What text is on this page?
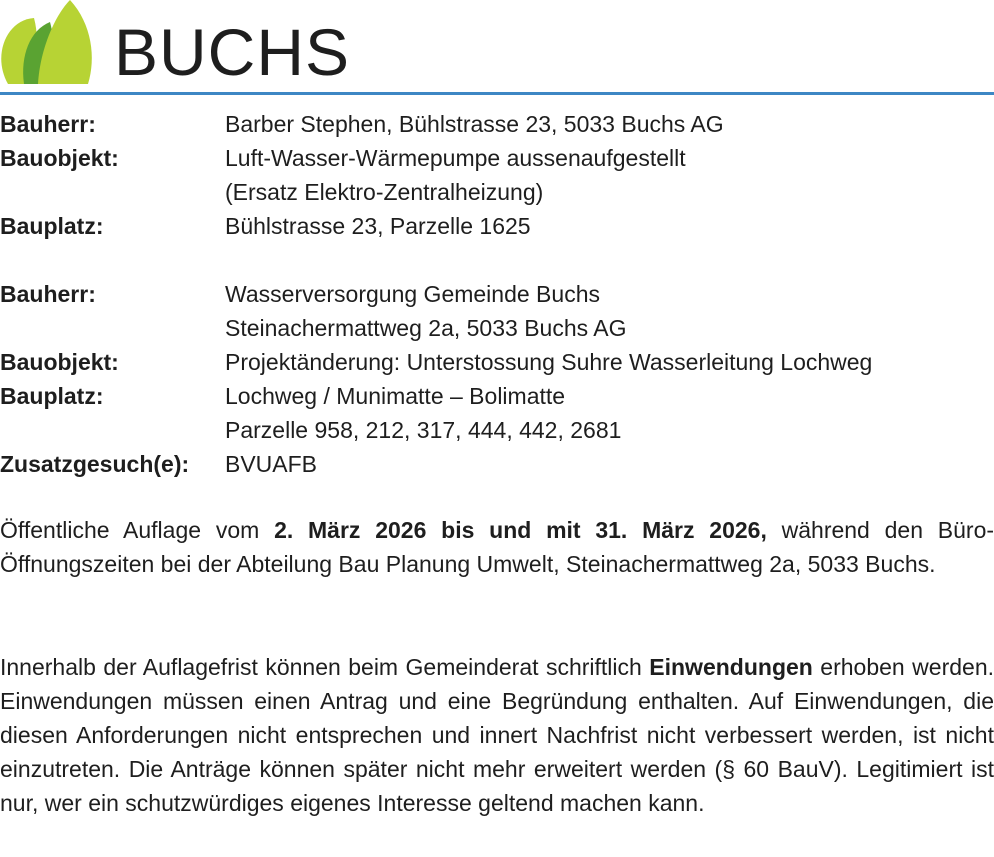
BUCHS
Bauherr:	Barber Stephen, Bühlstrasse 23, 5033 Buchs AG
Bauobjekt:	Luft-Wasser-Wärmepumpe aussenaufgestellt
(Ersatz Elektro-Zentralheizung)
Bauplatz:	Bühlstrasse 23, Parzelle 1625
Bauherr:	Wasserversorgung Gemeinde Buchs
Steinachermattweg 2a, 5033 Buchs AG
Bauobjekt:	Projektänderung: Unterstossung Suhre Wasserleitung Lochweg
Bauplatz:	Lochweg / Munimatte – Bolimatte
Parzelle 958, 212, 317, 444, 442, 2681
Zusatzgesuch(e):	BVUAFB

Öffentliche Auflage vom 2. März 2026 bis und mit 31. März 2026, während den Büro-Öffnungszeiten bei der Abteilung Bau Planung Umwelt, Steinachermattweg 2a, 5033 Buchs.

Innerhalb der Auflagefrist können beim Gemeinderat schriftlich Einwendungen erhoben werden. Einwendungen müssen einen Antrag und eine Begründung enthalten. Auf Einwendungen, die diesen Anforderungen nicht entsprechen und innert Nachfrist nicht verbessert werden, ist nicht einzutreten. Die Anträge können später nicht mehr erweitert werden (§ 60 BauV). Legitimiert ist nur, wer ein schutzwürdiges eigenes Interesse geltend machen kann.
